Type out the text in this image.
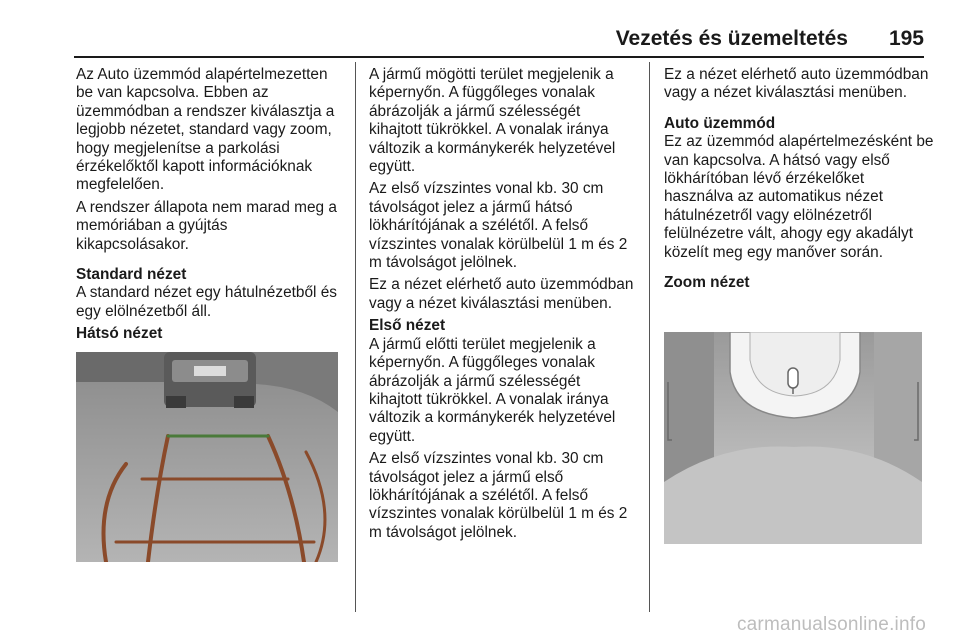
Vezetés és üzemeltetés 195

Az Auto üzemmód alapértelmezetten be van kapcsolva. Ebben az üzemmódban a rendszer kiválasztja a legjobb nézetet, standard vagy zoom, hogy megjelenítse a parkolási érzékelőktől kapott információknak megfelelően.

A rendszer állapota nem marad meg a memóriában a gyújtás kikapcsolásakor.

Standard nézet

A standard nézet egy hátulnézetből és egy elölnézetből áll.

Hátsó nézet

A jármű mögötti terület megjelenik a képernyőn. A függőleges vonalak ábrázolják a jármű szélességét kihajtott tükrökkel. A vonalak iránya változik a kormánykerék helyzetével együtt.

Az első vízszintes vonal kb. 30 cm távolságot jelez a jármű hátsó lökhárítójának a szélétől. A felső vízszintes vonalak körülbelül 1 m és 2 m távolságot jelölnek.

Ez a nézet elérhető auto üzemmódban vagy a nézet kiválasztási menüben.

Első nézet

A jármű előtti terület megjelenik a képernyőn. A függőleges vonalak ábrázolják a jármű szélességét kihajtott tükrökkel. A vonalak iránya változik a kormánykerék helyzetével együtt.

Az első vízszintes vonal kb. 30 cm távolságot jelez a jármű első lökhárítójának a szélétől. A felső vízszintes vonalak körülbelül 1 m és 2 m távolságot jelölnek.

Ez a nézet elérhető auto üzemmódban vagy a nézet kiválasztási menüben.

Auto üzemmód

Ez az üzemmód alapértelmezésként be van kapcsolva. A hátsó vagy első lökhárítóban lévő érzékelőket használva az automatikus nézet hátulnézetről vagy elölnézetről felülnézetre vált, ahogy egy akadályt közelít meg egy manőver során.

Zoom nézet

carmanualsonline.info
